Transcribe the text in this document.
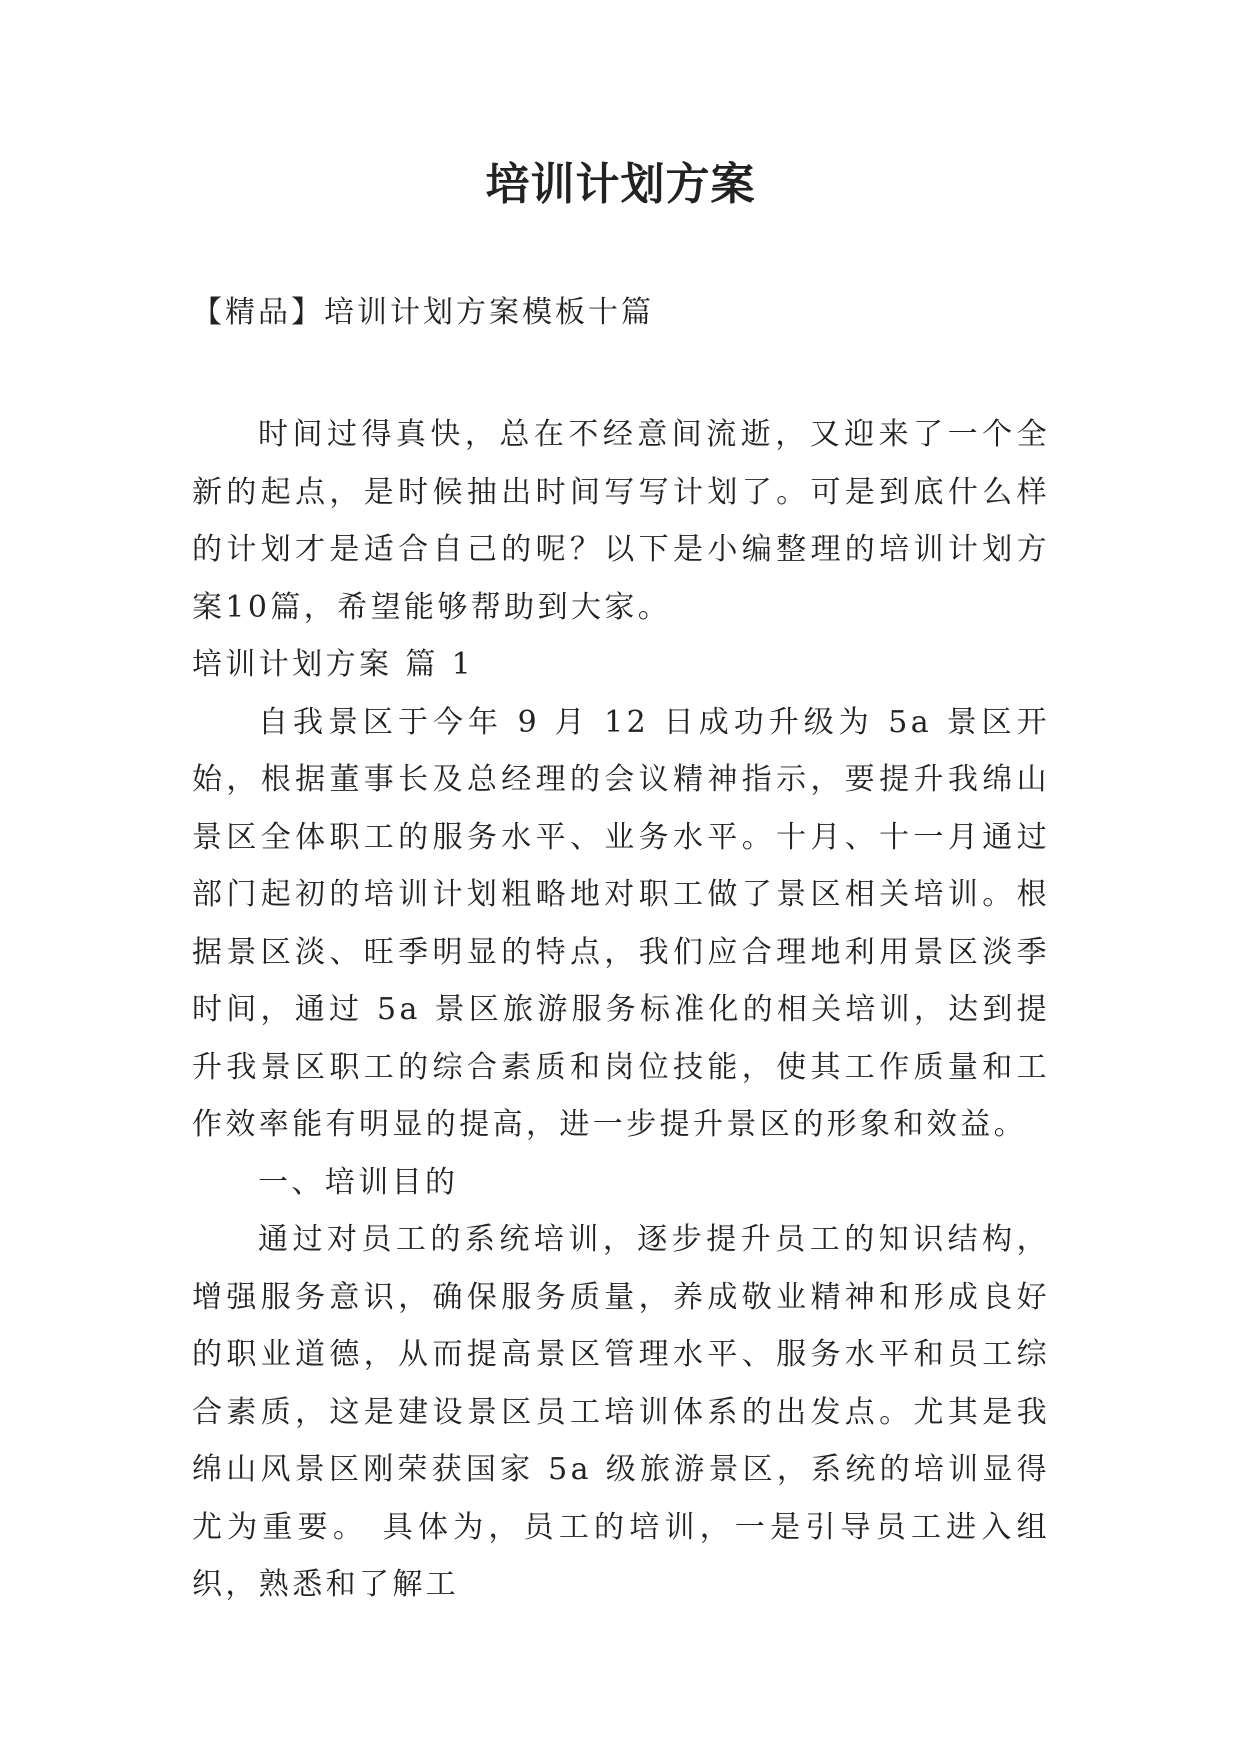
培训计划方案
【精品】培训计划方案模板十篇

时间过得真快，总在不经意间流逝，又迎来了一个全新的起点，是时候抽出时间写写计划了。可是到底什么样的计划才是适合自己的呢？以下是小编整理的培训计划方案10篇，希望能够帮助到大家。

培训计划方案 篇 1

自我景区于今年 9 月 12 日成功升级为 5a 景区开始，根据董事长及总经理的会议精神指示，要提升我绵山景区全体职工的服务水平、业务水平。十月、十一月通过部门起初的培训计划粗略地对职工做了景区相关培训。根据景区淡、旺季明显的特点，我们应合理地利用景区淡季时间，通过 5a 景区旅游服务标准化的相关培训，达到提升我景区职工的综合素质和岗位技能，使其工作质量和工作效率能有明显的提高，进一步提升景区的形象和效益。

一、培训目的

通过对员工的系统培训，逐步提升员工的知识结构，增强服务意识，确保服务质量，养成敬业精神和形成良好的职业道德，从而提高景区管理水平、服务水平和员工综合素质，这是建设景区员工培训体系的出发点。尤其是我绵山风景区刚荣获国家 5a 级旅游景区，系统的培训显得尤为重要。 具体为，员工的培训，一是引导员工进入组织，熟悉和了解工
